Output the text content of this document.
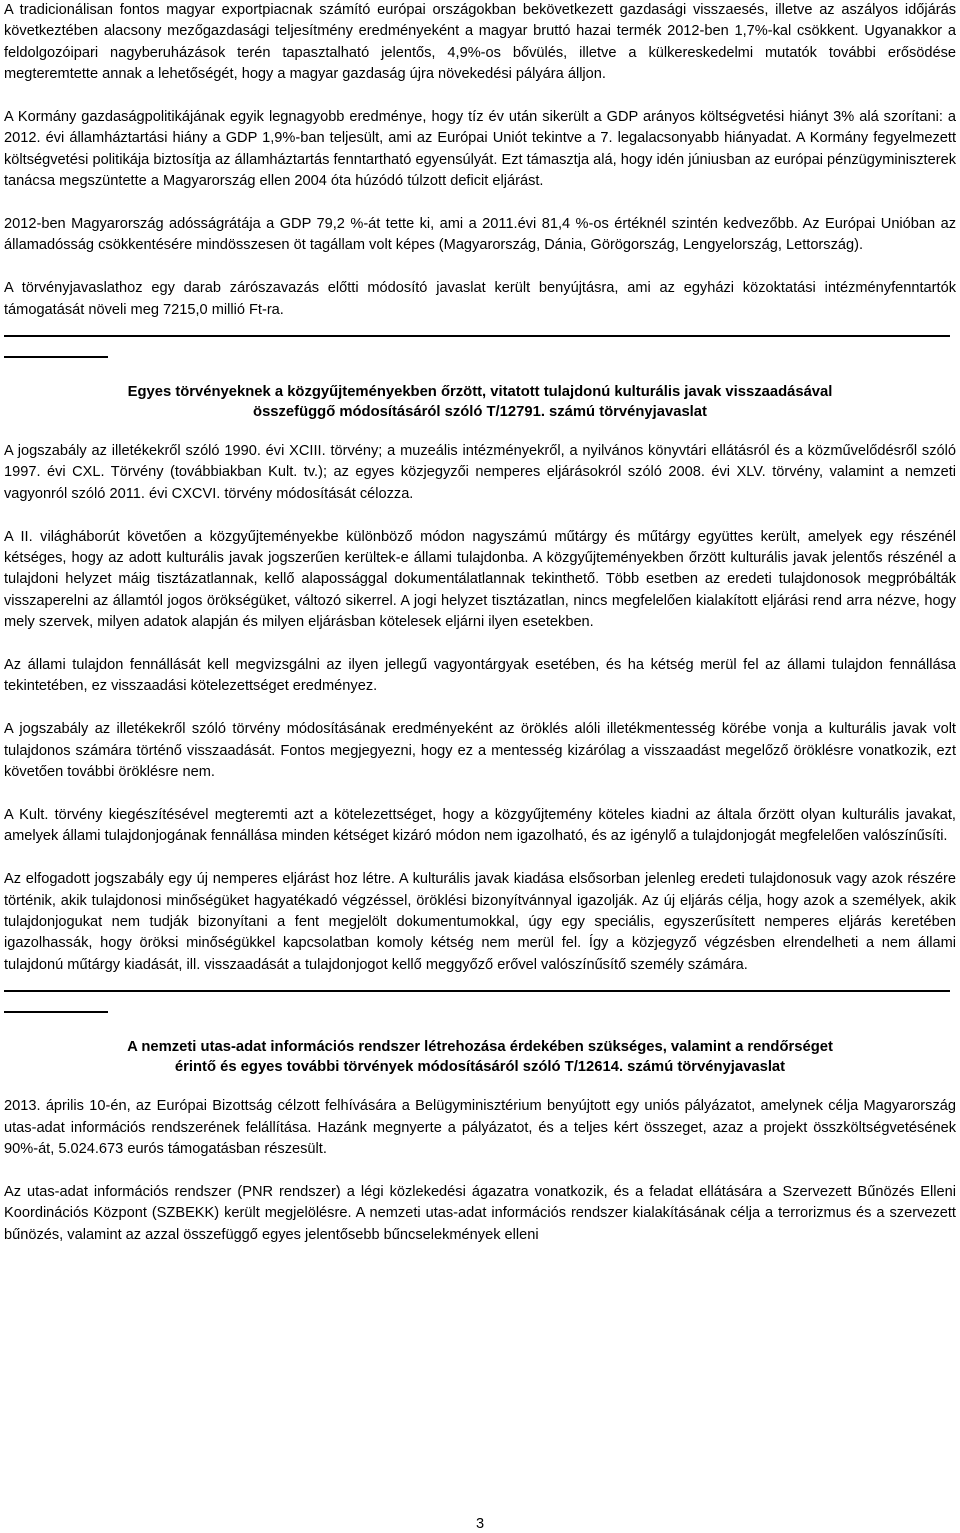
A tradicionálisan fontos magyar exportpiacnak számító európai országokban bekövetkezett gazdasági visszaesés, illetve az aszályos időjárás következtében alacsony mezőgazdasági teljesítmény eredményeként a magyar bruttó hazai termék 2012-ben 1,7%-kal csökkent. Ugyanakkor a feldolgozóipari nagyberuházások terén tapasztalható jelentős, 4,9%-os bővülés, illetve a külkereskedelmi mutatók további erősödése megteremtette annak a lehetőségét, hogy a magyar gazdaság újra növekedési pályára álljon.

A Kormány gazdaságpolitikájának egyik legnagyobb eredménye, hogy tíz év után sikerült a GDP arányos költségvetési hiányt 3% alá szorítani: a 2012. évi államháztartási hiány a GDP 1,9%-ban teljesült, ami az Európai Uniót tekintve a 7. legalacsonyabb hiányadat. A Kormány fegyelmezett költségvetési politikája biztosítja az államháztartás fenntartható egyensúlyát. Ezt támasztja alá, hogy idén júniusban az európai pénzügyminiszterek tanácsa megszüntette a Magyarország ellen 2004 óta húzódó túlzott deficit eljárást.

2012-ben Magyarország adósságrátája a GDP 79,2 %-át tette ki, ami a 2011.évi 81,4 %-os értéknél szintén kedvezőbb. Az Európai Unióban az államadósság csökkentésére mindösszesen öt tagállam volt képes (Magyarország, Dánia, Görögország, Lengyelország, Lettország).

A törvényjavaslathoz egy darab zárószavazás előtti módosító javaslat került benyújtásra, ami az egyházi közoktatási intézményfenntartók támogatását növeli meg 7215,0 millió Ft-ra.

Egyes törvényeknek a közgyűjteményekben őrzött, vitatott tulajdonú kulturális javak visszaadásával
összefüggő módosításáról szóló T/12791. számú törvényjavaslat

A jogszabály az illetékekről szóló 1990. évi XCIII. törvény; a muzeális intézményekről, a nyilvános könyvtári ellátásról és a közművelődésről szóló 1997. évi CXL. Törvény (továbbiakban Kult. tv.); az egyes közjegyzői nemperes eljárásokról szóló 2008. évi XLV. törvény, valamint a nemzeti vagyonról szóló 2011. évi CXCVI. törvény módosítását célozza.

A II. világháborút követően a közgyűjteményekbe különböző módon nagyszámú műtárgy és műtárgy együttes került, amelyek egy részénél kétséges, hogy az adott kulturális javak jogszerűen kerültek-e állami tulajdonba. A közgyűjteményekben őrzött kulturális javak jelentős részénél a tulajdoni helyzet máig tisztázatlannak, kellő alapossággal dokumentálatlannak tekinthető. Több esetben az eredeti tulajdonosok megpróbálták visszaperelni az államtól jogos örökségüket, változó sikerrel. A jogi helyzet tisztázatlan, nincs megfelelően kialakított eljárási rend arra nézve, hogy mely szervek, milyen adatok alapján és milyen eljárásban kötelesek eljárni ilyen esetekben.

Az állami tulajdon fennállását kell megvizsgálni az ilyen jellegű vagyontárgyak esetében, és ha kétség merül fel az állami tulajdon fennállása tekintetében, ez visszaadási kötelezettséget eredményez.

A jogszabály az illetékekről szóló törvény módosításának eredményeként az öröklés alóli illetékmentesség körébe vonja a kulturális javak volt tulajdonos számára történő visszaadását. Fontos megjegyezni, hogy ez a mentesség kizárólag a visszaadást megelőző öröklésre vonatkozik, ezt követően további öröklésre nem.

A Kult. törvény kiegészítésével megteremti azt a kötelezettséget, hogy a közgyűjtemény köteles kiadni az általa őrzött olyan kulturális javakat, amelyek állami tulajdonjogának fennállása minden kétséget kizáró módon nem igazolható, és az igénylő a tulajdonjogát megfelelően valószínűsíti.

Az elfogadott jogszabály egy új nemperes eljárást hoz létre. A kulturális javak kiadása elsősorban jelenleg eredeti tulajdonosuk vagy azok részére történik, akik tulajdonosi minőségüket hagyatékadó végzéssel, öröklési bizonyítvánnyal igazolják. Az új eljárás célja, hogy azok a személyek, akik tulajdonjogukat nem tudják bizonyítani a fent megjelölt dokumentumokkal, úgy egy speciális, egyszerűsített nemperes eljárás keretében igazolhassák, hogy öröksi minőségükkel kapcsolatban komoly kétség nem merül fel. Így a közjegyző végzésben elrendelheti a nem állami tulajdonú műtárgy kiadását, ill. visszaadását a tulajdonjogot kellő meggyőző erővel valószínűsítő személy számára.

A nemzeti utas-adat információs rendszer létrehozása érdekében szükséges, valamint a rendőrséget
érintő és egyes további törvények módosításáról szóló T/12614. számú törvényjavaslat

2013. április 10-én, az Európai Bizottság célzott felhívására a Belügyminisztérium benyújtott egy uniós pályázatot, amelynek célja Magyarország utas-adat információs rendszerének felállítása. Hazánk megnyerte a pályázatot, és a teljes kért összeget, azaz a projekt összköltségvetésének 90%-át, 5.024.673 eurós támogatásban részesült.

Az utas-adat információs rendszer (PNR rendszer) a légi közlekedési ágazatra vonatkozik, és a feladat ellátására a Szervezett Bűnözés Elleni Koordinációs Központ (SZBEKK) került megjelölésre. A nemzeti utas-adat információs rendszer kialakításának célja a terrorizmus és a szervezett bűnözés, valamint az azzal összefüggő egyes jelentősebb bűncselekmények elleni

3
